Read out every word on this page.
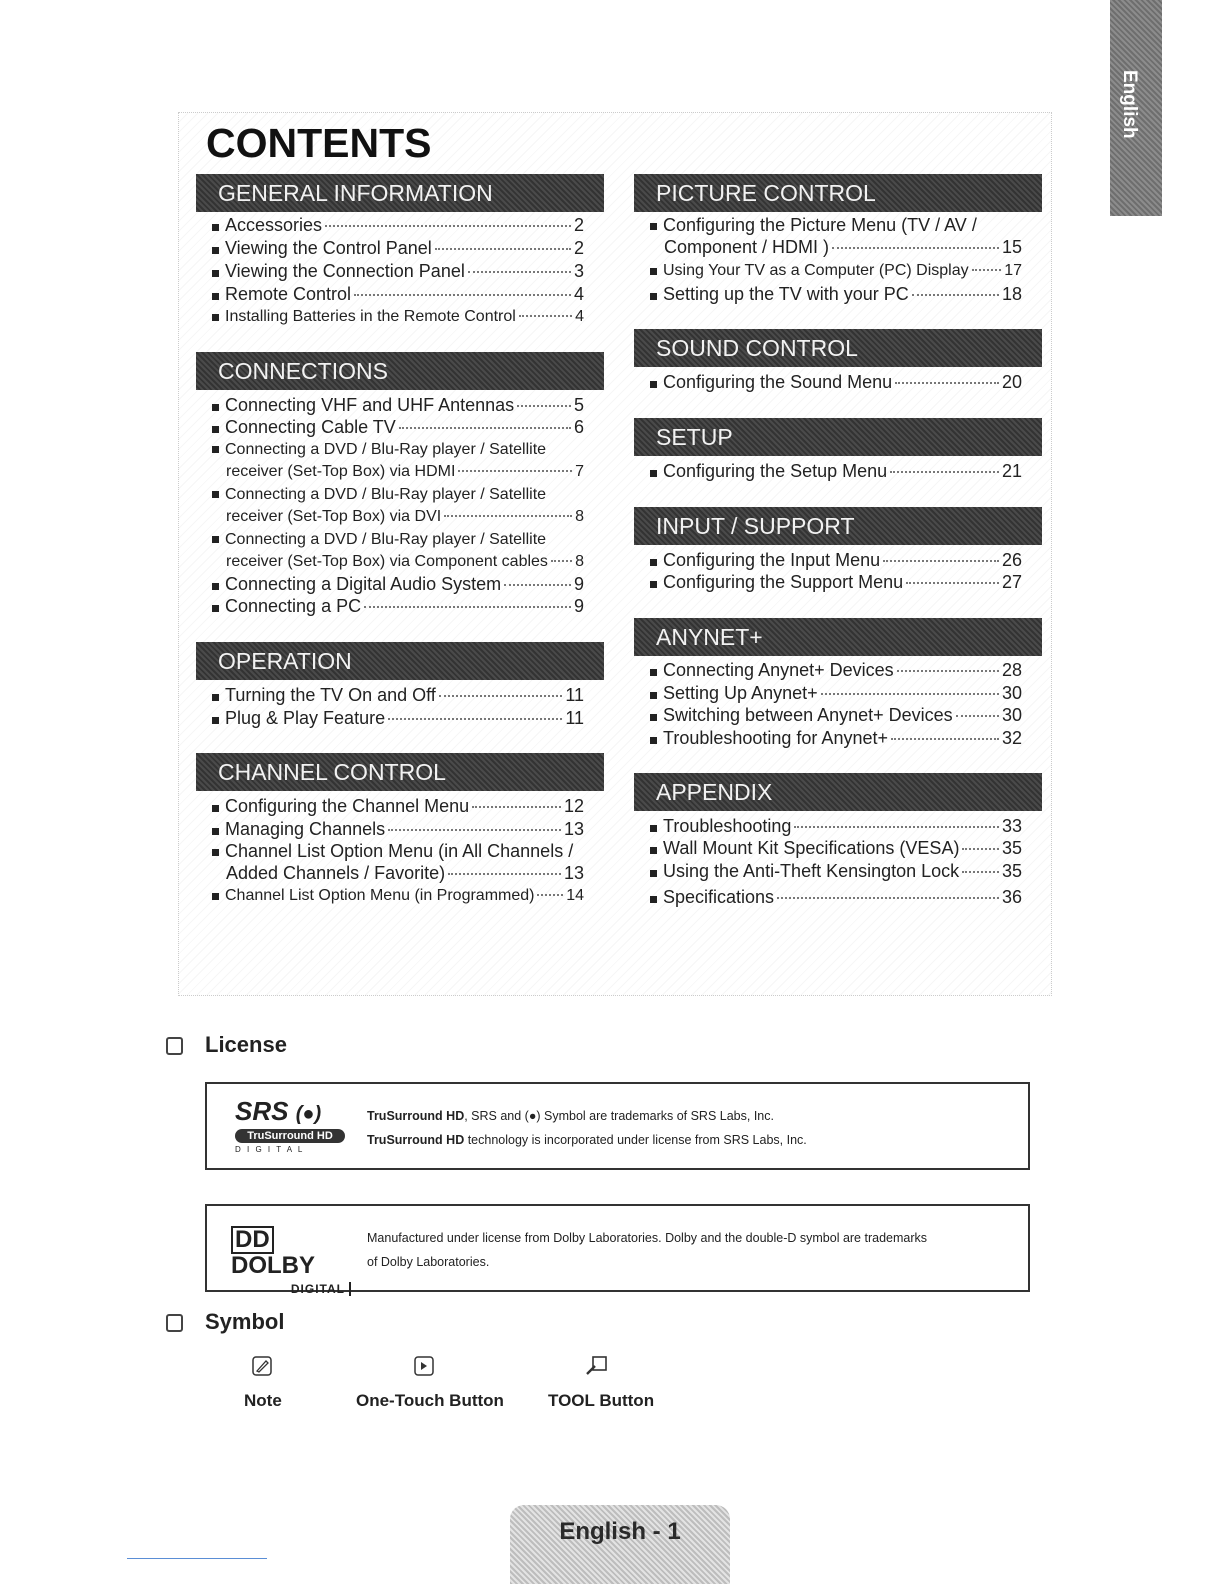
English
CONTENTS
GENERAL INFORMATION
Accessories	2
Viewing the Control Panel	2
Viewing the Connection Panel	3
Remote Control	4
Installing Batteries in the Remote Control	4
CONNECTIONS
Connecting VHF and UHF Antennas	5
Connecting Cable TV	6
Connecting a DVD / Blu-Ray player / Satellite
receiver (Set-Top Box) via HDMI	7
Connecting a DVD / Blu-Ray player / Satellite
receiver (Set-Top Box) via DVI	8
Connecting a DVD / Blu-Ray player / Satellite
receiver (Set-Top Box) via Component cables 8
Connecting a Digital Audio System	9
Connecting a PC	9
OPERATION
Turning the TV On and Off	11
Plug & Play Feature	11
CHANNEL CONTROL
Configuring the Channel Menu	12
Managing Channels	13
Channel List Option Menu (in All Channels /
Added Channels / Favorite)	13
Channel List Option Menu (in Programmed) 14
PICTURE CONTROL
Configuring the Picture Menu (TV / AV /
Component / HDMI )	15
Using Your TV as a Computer (PC) Display 17
Setting up the TV with your PC	18
SOUND CONTROL
Configuring the Sound Menu	20
SETUP
Configuring the Setup Menu	21
INPUT / SUPPORT
Configuring the Input Menu	26
Configuring the Support Menu	27
ANYNET+
Connecting Anynet+ Devices	28
Setting Up Anynet+	30
Switching between Anynet+ Devices	30
Troubleshooting for Anynet+	32
APPENDIX
Troubleshooting	33
Wall Mount Kit Specifications (VESA) 35
Using the Anti-Theft Kensington Lock 35
Specifications	36
License
SRS (●)
TruSurround HD
D I G I T A L
TruSurround HD, SRS and (●) Symbol are trademarks of SRS Labs, Inc.
TruSurround HD technology is incorporated under license from SRS Labs, Inc.
DDDOLBY
DIGITAL
Manufactured under license from Dolby Laboratories. Dolby and the double-D symbol are trademarks
of Dolby Laboratories.
Symbol
Note	One-Touch Button	TOOL Button
English - 1
